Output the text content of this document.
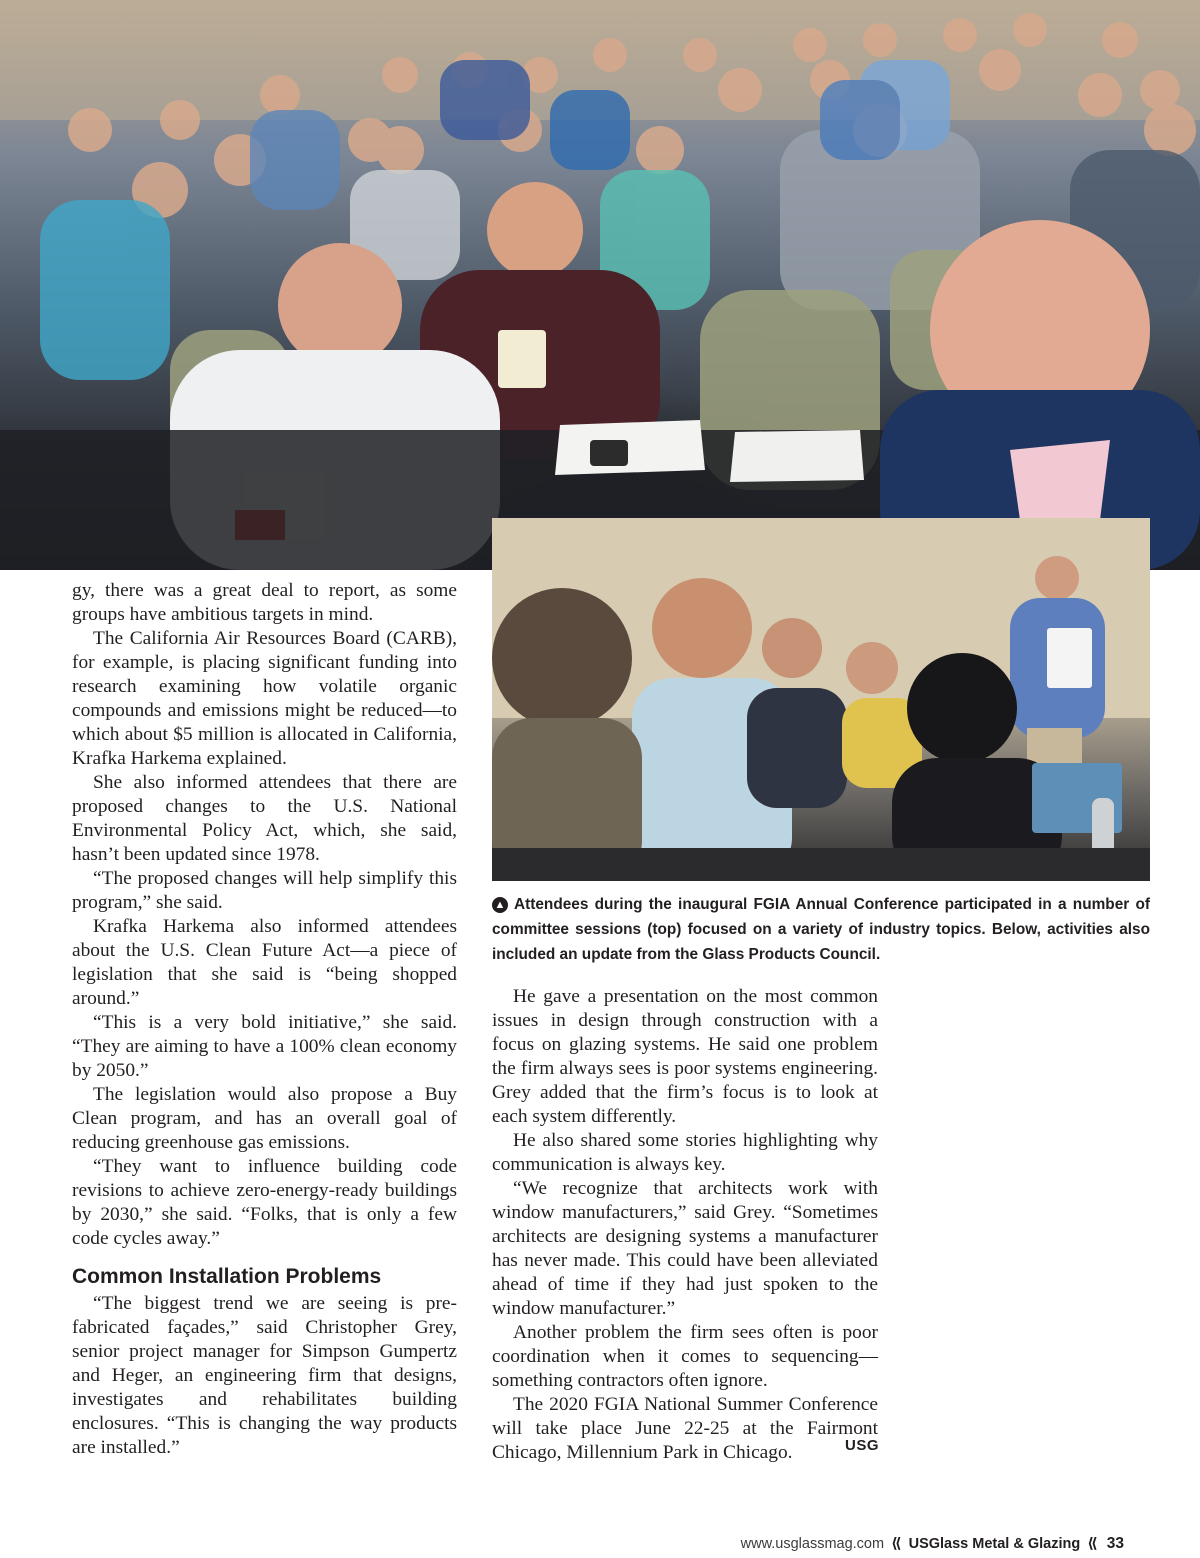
gy, there was a great deal to report, as some groups have ambitious targets in mind.

The California Air Resources Board (CARB), for example, is placing significant funding into research examining how volatile organic compounds and emissions might be reduced—to which about $5 million is allocated in California, Krafka Harkema explained.

She also informed attendees that there are proposed changes to the U.S. National Environmental Policy Act, which, she said, hasn’t been updated since 1978.

“The proposed changes will help simplify this program,” she said.

Krafka Harkema also informed attendees about the U.S. Clean Future Act—a piece of legislation that she said is “being shopped around.”

“This is a very bold initiative,” she said. “They are aiming to have a 100% clean economy by 2050.”

The legislation would also propose a Buy Clean program, and has an overall goal of reducing greenhouse gas emissions.

“They want to influence building code revisions to achieve zero-energy-ready buildings by 2030,” she said. “Folks, that is only a few code cycles away.”

Common Installation Problems

“The biggest trend we are seeing is pre-fabricated façades,” said Christopher Grey, senior project manager for Simpson Gumpertz and Heger, an engineering firm that designs, investigates and rehabilitates building enclosures. “This is changing the way products are installed.”

▲ Attendees during the inaugural FGIA Annual Conference participated in a number of committee sessions (top) focused on a variety of industry topics. Below, activities also included an update from the Glass Products Council.

He gave a presentation on the most common issues in design through construction with a focus on glazing systems. He said one problem the firm always sees is poor systems engineering. Grey added that the firm’s focus is to look at each system differently.

He also shared some stories highlighting why communication is always key.

“We recognize that architects work with window manufacturers,” said Grey. “Sometimes architects are designing systems a manufacturer has never made. This could have been alleviated ahead of time if they had just spoken to the window manufacturer.”

Another problem the firm sees often is poor coordination when it comes to sequencing—something contractors often ignore.

The 2020 FGIA National Summer Conference will take place June 22-25 at the Fairmont Chicago, Millennium Park in Chicago.	USG
www.usglassmag.com ⟪ USGlass Metal & Glazing ⟪ 33
